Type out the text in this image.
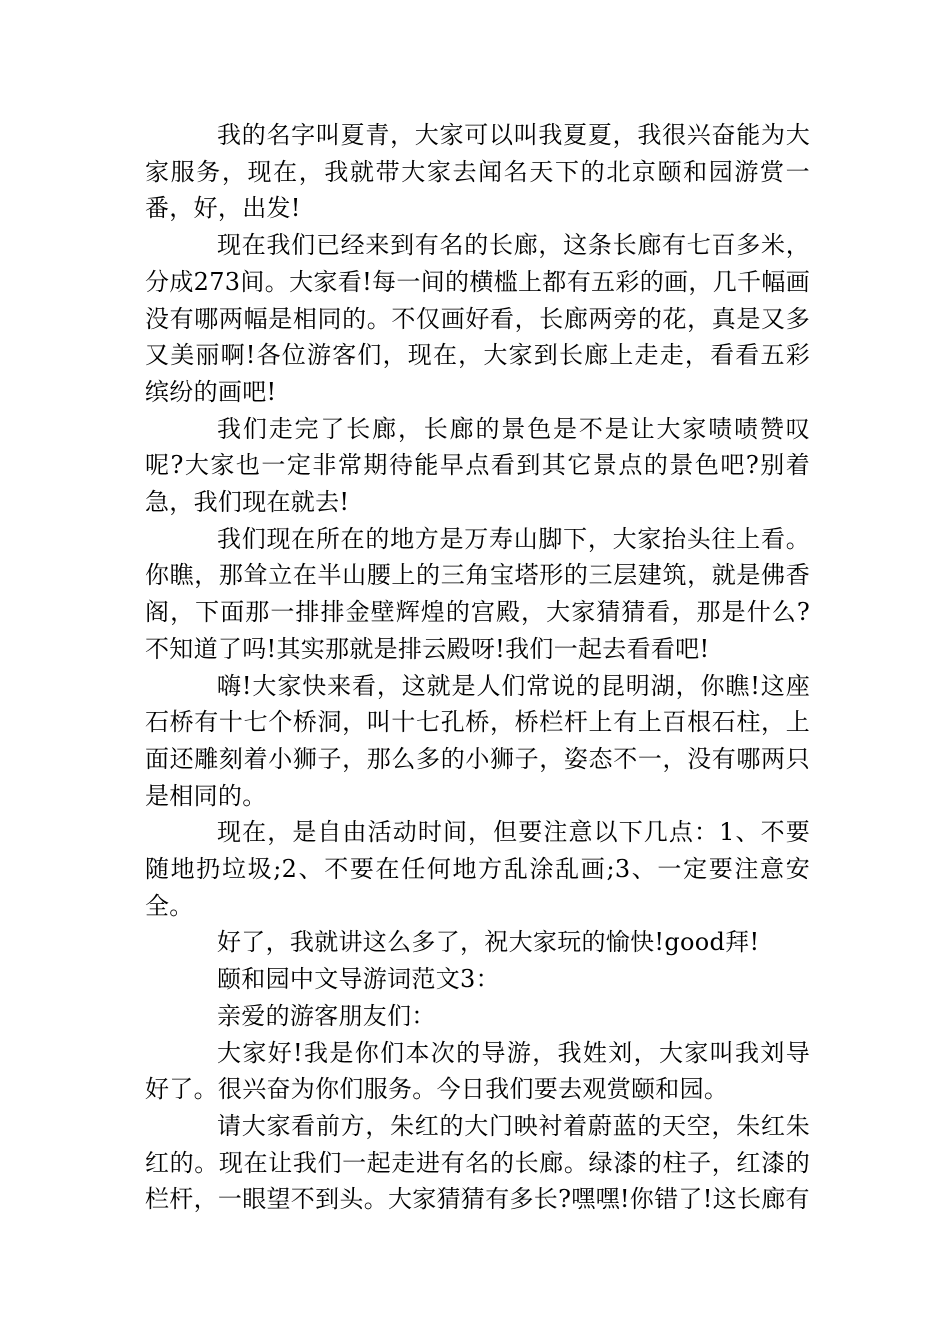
我的名字叫夏青，大家可以叫我夏夏，我很兴奋能为大家服务，现在，我就带大家去闻名天下的北京颐和园游赏一番，好，出发!

现在我们已经来到有名的长廊，这条长廊有七百多米，分成273间。大家看!每一间的横槛上都有五彩的画，几千幅画没有哪两幅是相同的。不仅画好看，长廊两旁的花，真是又多又美丽啊!各位游客们，现在，大家到长廊上走走，看看五彩缤纷的画吧!

我们走完了长廊，长廊的景色是不是让大家啧啧赞叹呢?大家也一定非常期待能早点看到其它景点的景色吧?别着急，我们现在就去!

我们现在所在的地方是万寿山脚下，大家抬头往上看。你瞧，那耸立在半山腰上的三角宝塔形的三层建筑，就是佛香阁，下面那一排排金壁辉煌的宫殿，大家猜猜看，那是什么?不知道了吗!其实那就是排云殿呀!我们一起去看看吧!

嗨!大家快来看，这就是人们常说的昆明湖，你瞧!这座石桥有十七个桥洞，叫十七孔桥，桥栏杆上有上百根石柱，上面还雕刻着小狮子，那么多的小狮子，姿态不一，没有哪两只是相同的。

现在，是自由活动时间，但要注意以下几点：1、不要随地扔垃圾;2、不要在任何地方乱涂乱画;3、一定要注意安全。

好了，我就讲这么多了，祝大家玩的愉快!good拜!

颐和园中文导游词范文3：

亲爱的游客朋友们：

大家好!我是你们本次的导游，我姓刘，大家叫我刘导好了。很兴奋为你们服务。今日我们要去观赏颐和园。

请大家看前方，朱红的大门映衬着蔚蓝的天空，朱红朱红的。现在让我们一起走进有名的长廊。绿漆的柱子，红漆的栏杆，一眼望不到头。大家猜猜有多长?嘿嘿!你错了!这长廊有
